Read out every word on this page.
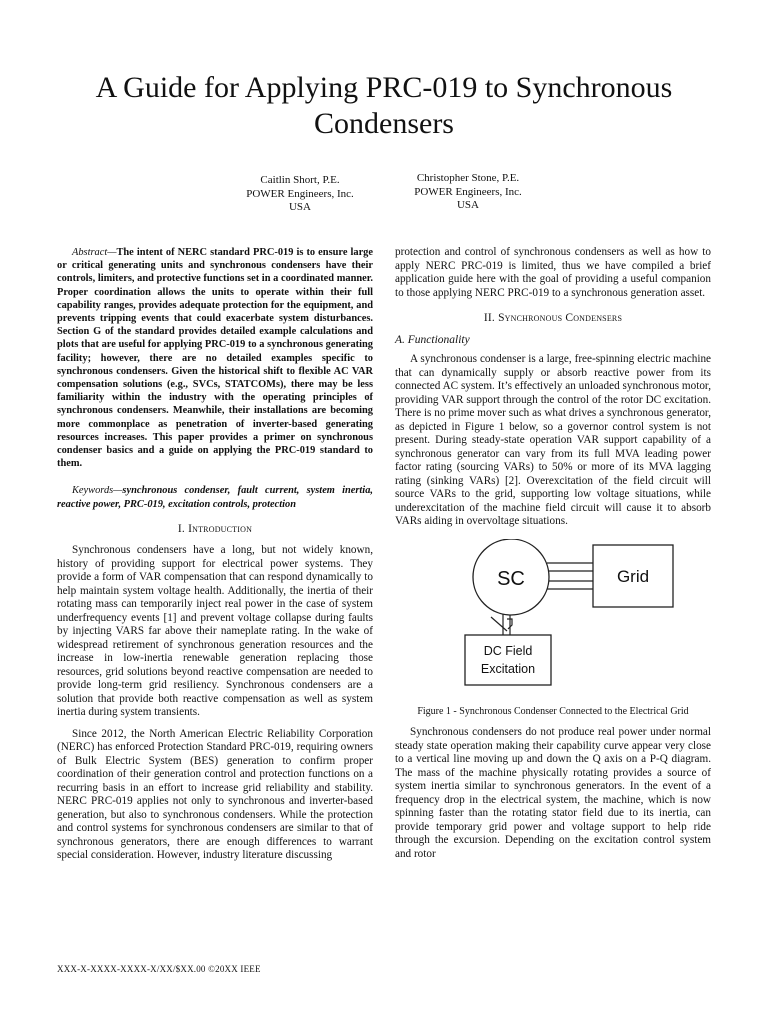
A Guide for Applying PRC-019 to Synchronous Condensers
Caitlin Short, P.E.
POWER Engineers, Inc.
USA
Christopher Stone, P.E.
POWER Engineers, Inc.
USA

Abstract—The intent of NERC standard PRC-019 is to ensure large or critical generating units and synchronous condensers have their controls, limiters, and protective functions set in a coordinated manner. Proper coordination allows the units to operate within their full capability ranges, provides adequate protection for the equipment, and prevents tripping events that could exacerbate system disturbances. Section G of the standard provides detailed example calculations and plots that are useful for applying PRC-019 to a synchronous generating facility; however, there are no detailed examples specific to synchronous condensers. Given the historical shift to flexible AC VAR compensation solutions (e.g., SVCs, STATCOMs), there may be less familiarity within the industry with the operating principles of synchronous condensers. Meanwhile, their installations are becoming more commonplace as penetration of inverter-based generating resources increases. This paper provides a primer on synchronous condenser basics and a guide on applying the PRC-019 standard to them.

Keywords—synchronous condenser, fault current, system inertia, reactive power, PRC-019, excitation controls, protection

I. Introduction

Synchronous condensers have a long, but not widely known, history of providing support for electrical power systems. They provide a form of VAR compensation that can respond dynamically to help maintain system voltage health. Additionally, the inertia of their rotating mass can temporarily inject real power in the case of system underfrequency events [1] and prevent voltage collapse during faults by injecting VARS far above their nameplate rating. In the wake of widespread retirement of synchronous generation resources and the increase in low-inertia renewable generation replacing those resources, grid solutions beyond reactive compensation are needed to provide long-term grid resiliency. Synchronous condensers are a solution that provide both reactive compensation as well as system inertia during system transients.

Since 2012, the North American Electric Reliability Corporation (NERC) has enforced Protection Standard PRC-019, requiring owners of Bulk Electric System (BES) generation to confirm proper coordination of their generation control and protection functions on a recurring basis in an effort to increase grid reliability and stability. NERC PRC-019 applies not only to synchronous and inverter-based generation, but also to synchronous condensers. While the protection and control systems for synchronous condensers are similar to that of synchronous generators, there are enough differences to warrant special consideration. However, industry literature discussing

protection and control of synchronous condensers as well as how to apply NERC PRC-019 is limited, thus we have compiled a brief application guide here with the goal of providing a useful companion to those applying NERC PRC-019 to a synchronous generation asset.

II. Synchronous Condensers
A. Functionality

A synchronous condenser is a large, free-spinning electric machine that can dynamically supply or absorb reactive power from its connected AC system. It’s effectively an unloaded synchronous motor, providing VAR support through the control of the rotor DC excitation. There is no prime mover such as what drives a synchronous generator, as depicted in Figure 1 below, so a governor control system is not present. During steady-state operation VAR support capability of a synchronous generator can vary from its full MVA leading power factor rating (sourcing VARs) to 50% or more of its MVA lagging rating (sinking VARs) [2]. Overexcitation of the field circuit will source VARs to the grid, supporting low voltage situations, while underexcitation of the machine field circuit will cause it to absorb VARs aiding in overvoltage situations.

SC	Grid
DC Field
Excitation

Figure 1 - Synchronous Condenser Connected to the Electrical Grid

Synchronous condensers do not produce real power under normal steady state operation making their capability curve appear very close to a vertical line moving up and down the Q axis on a P-Q diagram. The mass of the machine physically rotating provides a source of system inertia similar to synchronous generators. In the event of a frequency drop in the electrical system, the machine, which is now spinning faster than the rotating stator field due to its inertia, can provide temporary grid power and voltage support to help ride through the excursion. Depending on the excitation control system and rotor

XXX-X-XXXX-XXXX-X/XX/$XX.00 ©20XX IEEE
